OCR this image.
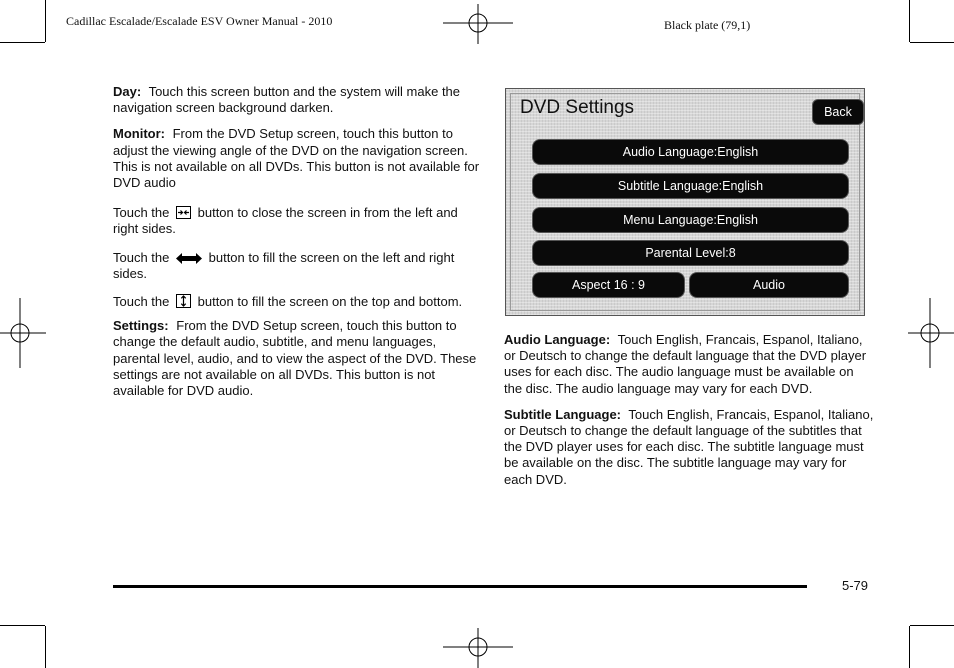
Cadillac Escalade/Escalade ESV Owner Manual - 2010	Black plate (79,1)

Day: Touch this screen button and the system will make the navigation screen background darken.

Monitor: From the DVD Setup screen, touch this button to adjust the viewing angle of the DVD on the navigation screen. This is not available on all DVDs. This button is not available for DVD audio

Touch the button to close the screen in from the left and right sides.

Touch the	button to fill the screen on the left and right sides.

Touch the button to fill the screen on the top and bottom.

Settings: From the DVD Setup screen, touch this button to change the default audio, subtitle, and menu languages, parental level, audio, and to view the aspect of the DVD. These settings are not available on all DVDs. This button is not available for DVD audio.

DVD Settings	Back
Audio Language:English
Subtitle Language:English
Menu Language:English
Parental Level:8
Aspect 16 : 9	Audio

Audio Language: Touch English, Francais, Espanol, Italiano, or Deutsch to change the default language that the DVD player uses for each disc. The audio language must be available on the disc. The audio language may vary for each DVD.

Subtitle Language: Touch English, Francais, Espanol, Italiano, or Deutsch to change the default language of the subtitles that the DVD player uses for each disc. The subtitle language must be available on the disc. The subtitle language may vary for each DVD.

5-79
